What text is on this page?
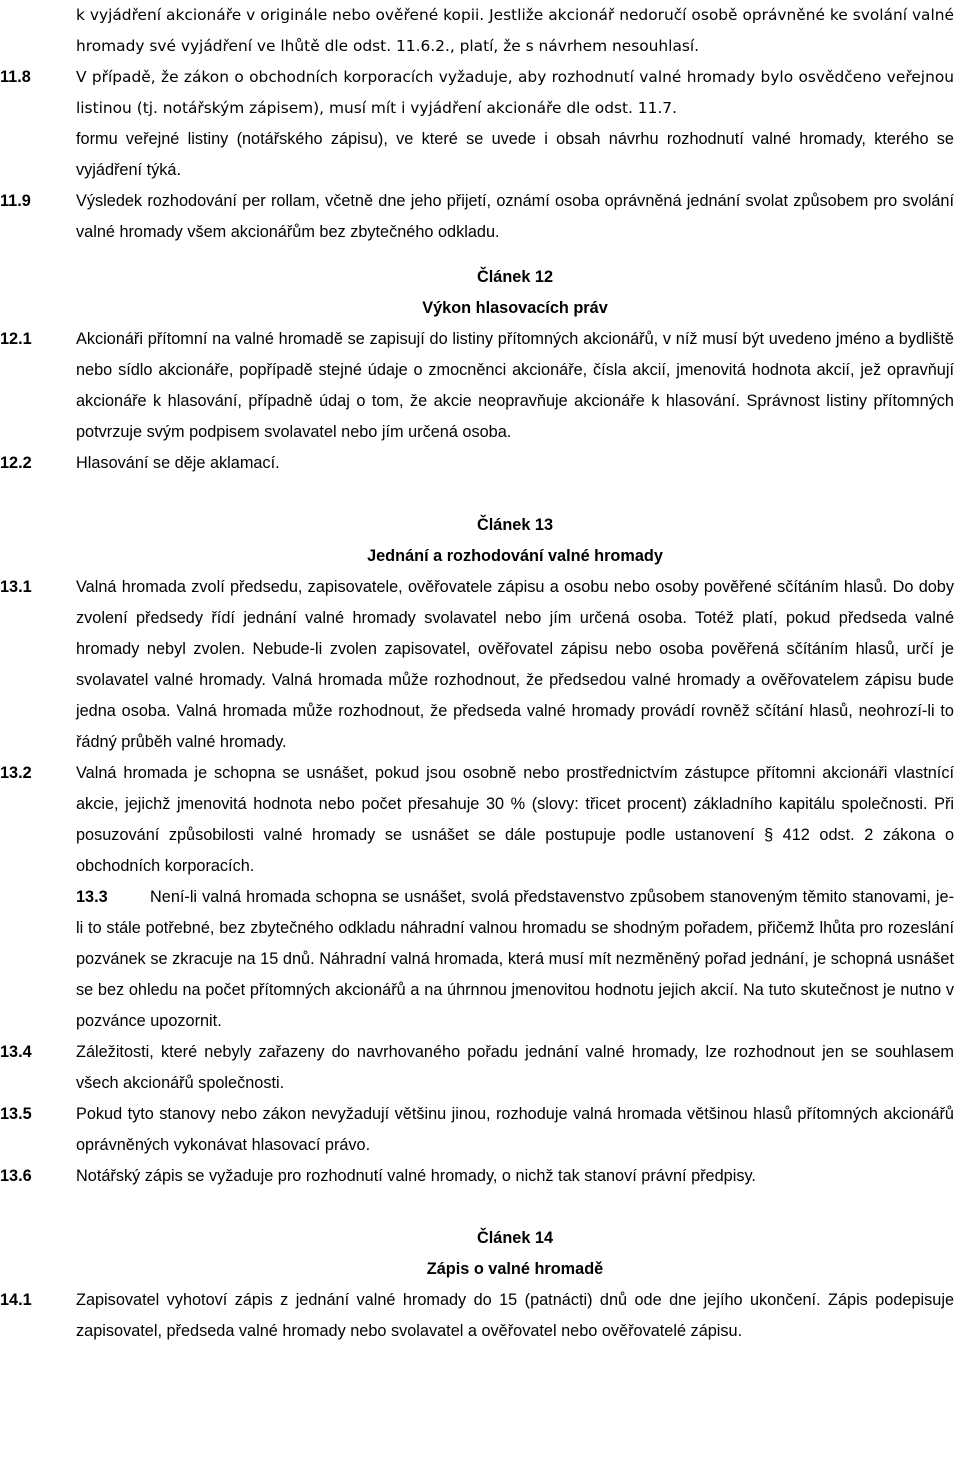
k vyjádření akcionáře v originále nebo ověřené kopii. Jestliže akcionář nedoručí osobě oprávněné ke svolání valné hromady své vyjádření ve lhůtě dle odst. 11.6.2., platí, že s návrhem nesouhlasí.
11.8	V případě, že zákon o obchodních korporacích vyžaduje, aby rozhodnutí valné hromady bylo osvědčeno veřejnou listinou (tj. notářským zápisem), musí mít i vyjádření akcionáře dle odst. 11.7.
formu veřejné listiny (notářského zápisu), ve které se uvede i obsah návrhu rozhodnutí valné hromady, kterého se vyjádření týká.
11.9	Výsledek rozhodování per rollam, včetně dne jeho přijetí, oznámí osoba oprávněná jednání svolat způsobem pro svolání valné hromady všem akcionářům bez zbytečného odkladu.
Článek 12
Výkon hlasovacích práv
12.1	Akcionáři přítomní na valné hromadě se zapisují do listiny přítomných akcionářů, v níž musí být uvedeno jméno a bydliště nebo sídlo akcionáře, popřípadě stejné údaje o zmocněnci akcionáře, čísla akcií, jmenovitá hodnota akcií, jež opravňují akcionáře k hlasování, případně údaj o tom, že akcie neopravňuje akcionáře k hlasování. Správnost listiny přítomných potvrzuje svým podpisem svolavatel nebo jím určená osoba.
12.2	Hlasování se děje aklamací.
Článek 13
Jednání a rozhodování valné hromady
13.1	Valná hromada zvolí předsedu, zapisovatele, ověřovatele zápisu a osobu nebo osoby pověřené sčítáním hlasů. Do doby zvolení předsedy řídí jednání valné hromady svolavatel nebo jím určená osoba. Totéž platí, pokud předseda valné hromady nebyl zvolen. Nebude-li zvolen zapisovatel, ověřovatel zápisu nebo osoba pověřená sčítáním hlasů, určí je svolavatel valné hromady. Valná hromada může rozhodnout, že předsedou valné hromady a ověřovatelem zápisu bude jedna osoba. Valná hromada může rozhodnout, že předseda valné hromady provádí rovněž sčítání hlasů, neohrozí-li to řádný průběh valné hromady.
13.2	Valná hromada je schopna se usnášet, pokud jsou osobně nebo prostřednictvím zástupce přítomni akcionáři vlastnící akcie, jejichž jmenovitá hodnota nebo počet přesahuje 30 % (slovy: třicet procent) základního kapitálu společnosti. Při posuzování způsobilosti valné hromady se usnášet se dále postupuje podle ustanovení § 412 odst. 2 zákona o obchodních korporacích.
13.3	Není-li valná hromada schopna se usnášet, svolá představenstvo způsobem stanoveným těmito stanovami, je-li to stále potřebné, bez zbytečného odkladu náhradní valnou hromadu se shodným pořadem, přičemž lhůta pro rozeslání pozvánek se zkracuje na 15 dnů. Náhradní valná hromada, která musí mít nezměněný pořad jednání, je schopná usnášet se bez ohledu na počet přítomných akcionářů a na úhrnnou jmenovitou hodnotu jejich akcií. Na tuto skutečnost je nutno v pozvánce upozornit.
13.4	Záležitosti, které nebyly zařazeny do navrhovaného pořadu jednání valné hromady, lze rozhodnout jen se souhlasem všech akcionářů společnosti.
13.5	Pokud tyto stanovy nebo zákon nevyžadují většinu jinou, rozhoduje valná hromada většinou hlasů přítomných akcionářů oprávněných vykonávat hlasovací právo.
13.6	Notářský zápis se vyžaduje pro rozhodnutí valné hromady, o nichž tak stanoví právní předpisy.
Článek 14
Zápis o valné hromadě
14.1	Zapisovatel vyhotoví zápis z jednání valné hromady do 15 (patnácti) dnů ode dne jejího ukončení. Zápis podepisuje zapisovatel, předseda valné hromady nebo svolavatel a ověřovatel nebo ověřovatelé zápisu.
